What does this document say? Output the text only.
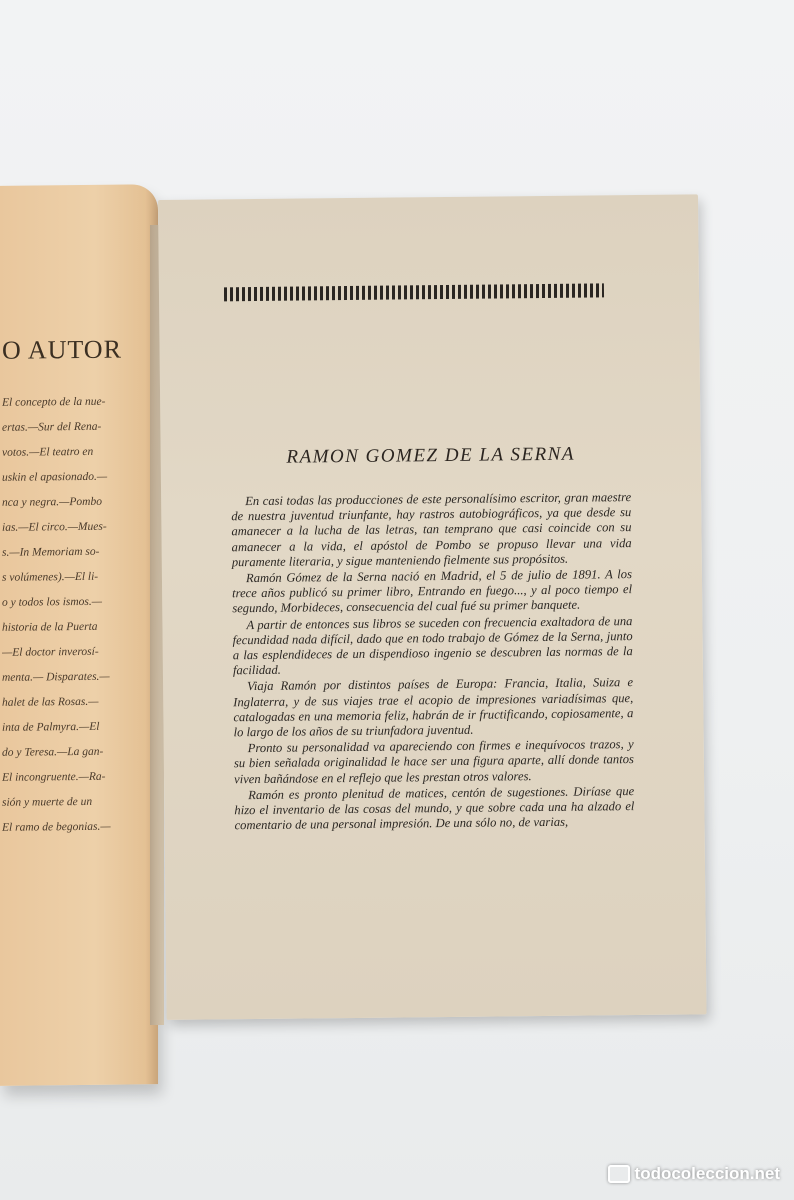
O AUTOR
El concepto de la nue-
ertas.—Sur del Rena-
votos.—El teatro en
uskin el apasionado.—
nca y negra.—Pombo
ias.—El circo.—Mues-
s.—In Memoriam so-
s volúmenes).—El li-
o y todos los ismos.—
historia de la Puerta
—El doctor inverosí-
menta.— Disparates.—
halet de las Rosas.—
inta de Palmyra.—El
do y Teresa.—La gan-
El incongruente.—Ra-
sión y muerte de un
El ramo de begonias.—
RAMON GOMEZ DE LA SERNA

En casi todas las producciones de este personalísimo escritor, gran maestre de nuestra juventud triunfante, hay rastros autobiográficos, ya que desde su amanecer a la lucha de las letras, tan temprano que casi coincide con su amanecer a la vida, el apóstol de Pombo se propuso llevar una vida puramente literaria, y sigue manteniendo fielmente sus propósitos.

Ramón Gómez de la Serna nació en Madrid, el 5 de julio de 1891. A los trece años publicó su primer libro, Entrando en fuego..., y al poco tiempo el segundo, Morbideces, consecuencia del cual fué su primer banquete.

A partir de entonces sus libros se suceden con frecuencia exaltadora de una fecundidad nada difícil, dado que en todo trabajo de Gómez de la Serna, junto a las esplendideces de un dispendioso ingenio se descubren las normas de la facilidad.

Viaja Ramón por distintos países de Europa: Francia, Italia, Suiza e Inglaterra, y de sus viajes trae el acopio de impresiones variadísimas que, catalogadas en una memoria feliz, habrán de ir fructificando, copiosamente, a lo largo de los años de su triunfadora juventud.

Pronto su personalidad va apareciendo con firmes e inequívocos trazos, y su bien señalada originalidad le hace ser una figura aparte, allí donde tantos viven bañándose en el reflejo que les prestan otros valores.

Ramón es pronto plenitud de matices, centón de sugestiones. Diríase que hizo el inventario de las cosas del mundo, y que sobre cada una ha alzado el comentario de una personal impresión. De una sólo no, de varias,

todocoleccion.net
